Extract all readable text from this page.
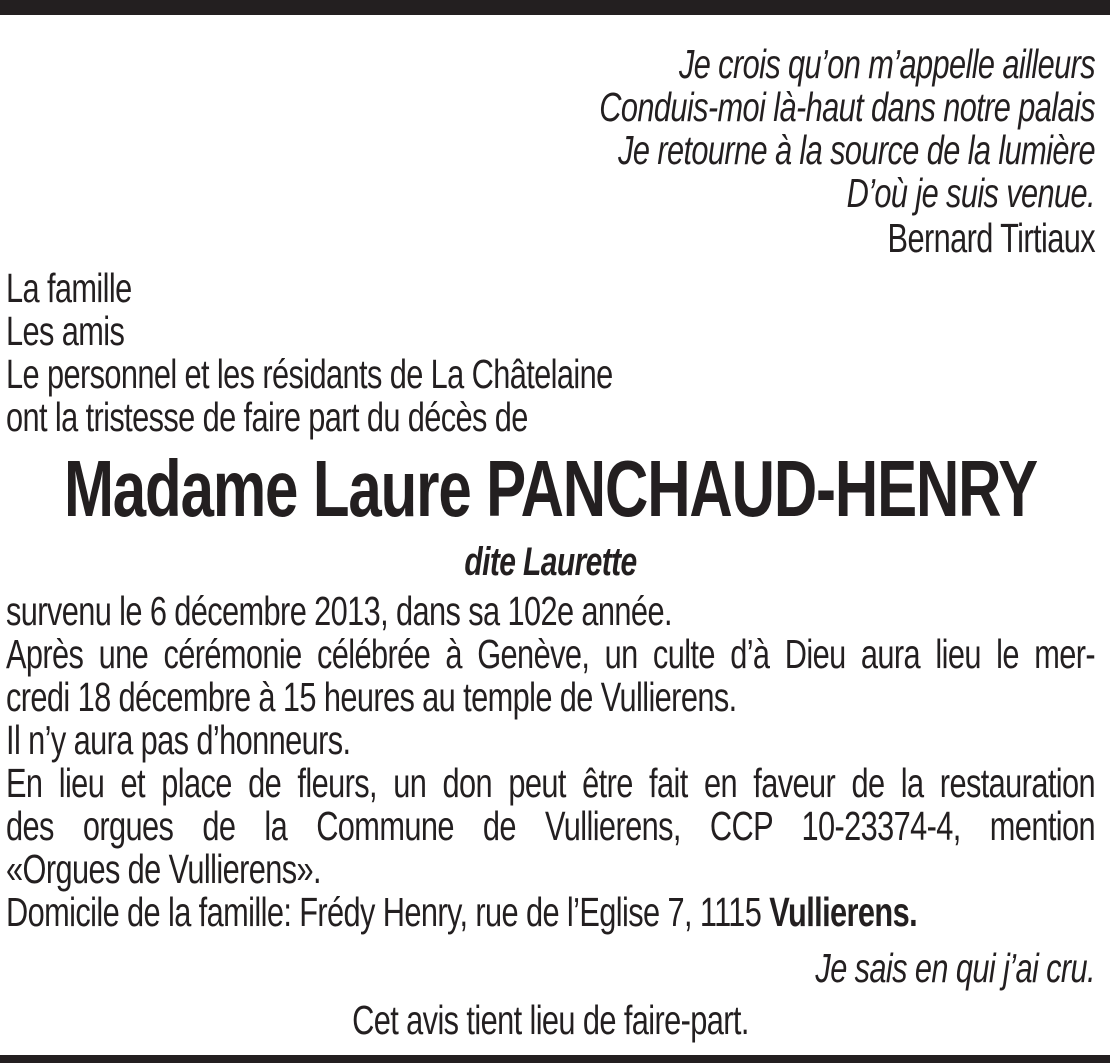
Je crois qu’on m’appelle ailleurs
Conduis-moi là-haut dans notre palais
Je retourne à la source de la lumière
D’où je suis venue.
Bernard Tirtiaux
La famille
Les amis
Le personnel et les résidants de La Châtelaine
ont la tristesse de faire part du décès de
Madame Laure PANCHAUD-HENRY
dite Laurette
survenu le 6 décembre 2013, dans sa 102e année.
Après une cérémonie célébrée à Genève, un culte d’à Dieu aura lieu le mer-
credi 18 décembre à 15 heures au temple de Vullierens.
Il n’y aura pas d’honneurs.
En lieu et place de fleurs, un don peut être fait en faveur de la restauration
des orgues de la Commune de Vullierens, CCP 10-23374-4, mention
«Orgues de Vullierens».
Domicile de la famille: Frédy Henry, rue de l’Eglise 7, 1115 Vullierens.
Je sais en qui j’ai cru.
Cet avis tient lieu de faire-part.
